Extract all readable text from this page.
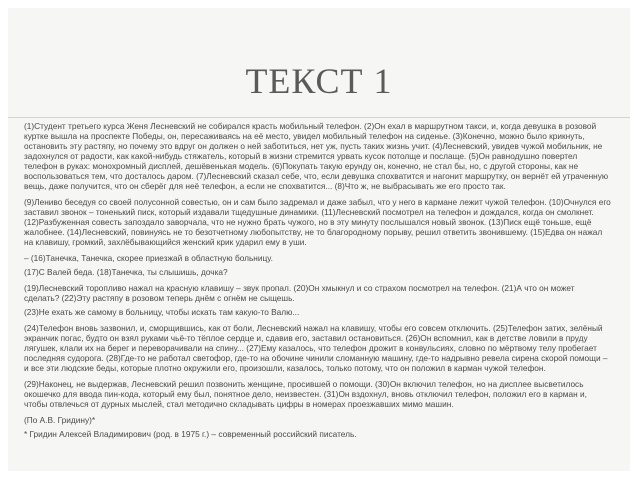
ТЕКСТ 1

(1)Студент третьего курса Женя Лесневский не собирался красть мобильный телефон. (2)Он ехал в маршрутном такси, и, когда девушка в розовой куртке вышла на проспекте Победы, он, пересаживаясь на её место, увидел мобильный телефон на сиденье. (3)Конечно, можно было крикнуть, остановить эту растяпу, но почему это вдруг он должен о ней заботиться, нет уж, пусть таких жизнь учит. (4)Лесневский, увидев чужой мобильник, не задохнулся от радости, как какой-нибудь стяжатель, который в жизни стремится урвать кусок потолще и послаще. (5)Он равнодушно повертел телефон в руках: монохромный дисплей, дешёвенькая модель. (6)Покупать такую ерунду он, конечно, не стал бы, но, с другой стороны, как не воспользоваться тем, что досталось даром. (7)Лесневский сказал себе, что, если девушка спохватится и нагонит маршрутку, он вернёт ей утраченную вещь, даже получится, что он сберёг для неё телефон, а если не спохватится... (8)Что ж, не выбрасывать же его просто так.

(9)Лениво беседуя со своей полусонной совестью, он и сам было задремал и даже забыл, что у него в кармане лежит чужой телефон. (10)Очнулся его заставил звонок – тоненький писк, который издавали тщедушные динамики. (11)Лесневский посмотрел на телефон и дождался, когда он смолкнет. (12)Разбуженная совесть запоздало заворчала, что не нужно брать чужого, но в эту минуту послышался новый звонок. (13)Писк ещё тоньше, ещё жалобнее. (14)Лесневский, повинуясь не то безотчетному любопытству, не то благородному порыву, решил ответить звонившему. (15)Едва он нажал на клавишу, громкий, захлёбывающийся женский крик ударил ему в уши.

– (16)Танечка, Танечка, скорее приезжай в областную больницу.

(17)С Валей беда. (18)Танечка, ты слышишь, дочка?

(19)Лесневский торопливо нажал на красную клавишу – звук пропал. (20)Он хмыкнул и со страхом посмотрел на телефон. (21)А что он может сделать? (22)Эту растяпу в розовом теперь днём с огнём не сыщешь.

(23)Не ехать же самому в больницу, чтобы искать там какую-то Валю...

(24)Телефон вновь зазвонил, и, сморщившись, как от боли, Лесневский нажал на клавишу, чтобы его совсем отключить. (25)Телефон затих, зелёный экранчик погас, будто он взял руками чьё-то тёплое сердце и, сдавив его, заставил остановиться. (26)Он вспомнил, как в детстве ловили в пруду лягушек, клали их на берег и переворачивали на спину... (27)Ему казалось, что телефон дрожит в конвульсиях, словно по мёртвому телу пробегает последняя судорога. (28)Где-то не работал светофор, где-то на обочине чинили сломанную машину, где-то надрывно ревела сирена скорой помощи – и все эти людские беды, которые плотно окружили его, произошли, казалось, только потому, что он положил в карман чужой телефон.

(29)Наконец, не выдержав, Лесневский решил позвонить женщине, просившей о помощи. (30)Он включил телефон, но на дисплее высветилось окошечко для ввода пин-кода, который ему был, понятное дело, неизвестен. (31)Он вздохнул, вновь отключил телефон, положил его в карман и, чтобы отвлечься от дурных мыслей, стал методично складывать цифры в номерах проезжавших мимо машин.

(По А.В. Гридину)*

* Гридин Алексей Владимирович (род. в 1975 г.) – современный российский писатель.
